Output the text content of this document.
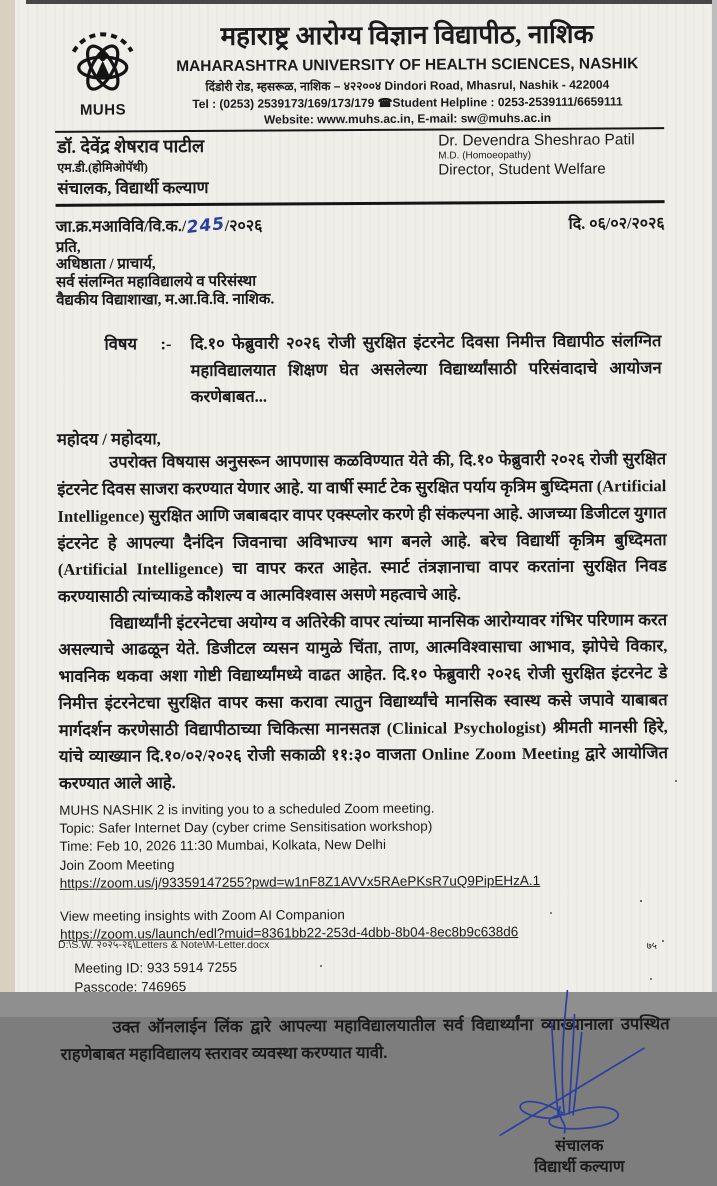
MUHS
महाराष्ट्र आरोग्य विज्ञान विद्यापीठ, नाशिक
MAHARASHTRA UNIVERSITY OF HEALTH SCIENCES, NASHIK
दिंडोरी रोड, म्हसरूळ, नाशिक – ४२२००४ Dindori Road, Mhasrul, Nashik - 422004
Tel : (0253) 2539173/169/173/179 ☎Student Helpline : 0253-2539111/6659111
Website: www.muhs.ac.in, E-mail: sw@muhs.ac.in
डॉ. देवेंद्र शेषराव पाटील
एम.डी.(होमिओपॅथी)
संचालक, विद्यार्थी कल्याण
Dr. Devendra Sheshrao Patil
M.D. (Homoeopathy)
Director, Student Welfare
जा.क्र.मआविवि/वि.क./245/२०२६	दि. ०६/०२/२०२६
प्रति,
अधिष्ठाता / प्राचार्य,
सर्व संलग्नित महाविद्यालये व परिसंस्था
वैद्यकीय विद्याशाखा, म.आ.वि.वि. नाशिक.
विषय	:-	दि.१० फेब्रुवारी २०२६ रोजी सुरक्षित इंटरनेट दिवसा निमीत्त विद्यापीठ संलग्नित महाविद्यालयात शिक्षण घेत असलेल्या विद्यार्थ्यांसाठी परिसंवादाचे आयोजन करणेबाबत...
महोदय / महोदया,
उपरोक्त विषयास अनुसरून आपणास कळविण्यात येते की, दि.१० फेब्रुवारी २०२६ रोजी सुरक्षित इंटरनेट दिवस साजरा करण्यात येणार आहे. या वार्षी स्मार्ट टेक सुरक्षित पर्याय कृत्रिम बुध्दिमता (Artificial Intelligence) सुरक्षित आणि जबाबदार वापर एक्स्प्लोर करणे ही संकल्पना आहे. आजच्या डिजीटल युगात इंटरनेट हे आपल्या दैनंदिन जिवनाचा अविभाज्य भाग बनले आहे. बरेच विद्यार्थी कृत्रिम बुध्दिमता (Artificial Intelligence) चा वापर करत आहेत. स्मार्ट तंत्रज्ञानाचा वापर करतांना सुरक्षित निवड करण्यासाठी त्यांच्याकडे कौशल्य व आत्मविश्वास असणे महत्वाचे आहे.
विद्यार्थ्यांनी इंटरनेटचा अयोग्य व अतिरेकी वापर त्यांच्या मानसिक आरोग्यावर गंभिर परिणाम करत असल्याचे आढळून येते. डिजीटल व्यसन यामुळे चिंता, ताण, आत्मविश्वासाचा आभाव, झोपेचे विकार, भावनिक थकवा अशा गोष्टी विद्यार्थ्यांमध्ये वाढत आहेत. दि.१० फेब्रुवारी २०२६ रोजी सुरक्षित इंटरनेट डे निमीत्त इंटरनेटचा सुरक्षित वापर कसा करावा त्यातुन विद्यार्थ्यांचे मानसिक स्वास्थ कसे जपावे याबाबत मार्गदर्शन करणेसाठी विद्यापीठाच्या चिकित्सा मानसतज्ञ (Clinical Psychologist) श्रीमती मानसी हिरे, यांचे व्याख्यान दि.१०/०२/२०२६ रोजी सकाळी ११:३० वाजता Online Zoom Meeting द्वारे आयोजित करण्यात आले आहे.
MUHS NASHIK 2 is inviting you to a scheduled Zoom meeting.
Topic: Safer Internet Day (cyber crime Sensitisation workshop)
Time: Feb 10, 2026 11:30 Mumbai, Kolkata, New Delhi
Join Zoom Meeting
https://zoom.us/j/93359147255?pwd=w1nF8Z1AVVx5RAePKsR7uQ9PipEHzA.1
View meeting insights with Zoom AI Companion
https://zoom.us/launch/edl?muid=8361bb22-253d-4dbb-8b04-8ec8b9c638d6
Meeting ID: 933 5914 7255
Passcode: 746965
उक्त ऑनलाईन लिंक द्वारे आपल्या महाविद्यालयातील सर्व विद्यार्थ्यांना व्याख्यानाला उपस्थित राहणेबाबत महाविद्यालय स्तरावर व्यवस्था करण्यात यावी.
संचालक
विद्यार्थी कल्याण
D:\S.W. २०२५-२६\Letters & Note\M-Letter.docx	७५
